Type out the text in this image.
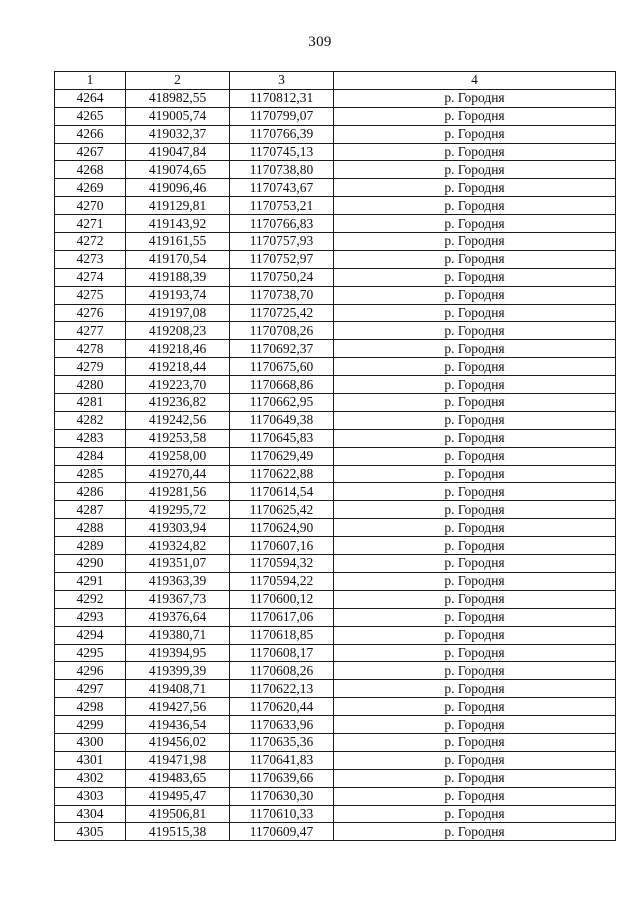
309
1	2	3	4
4264	418982,55	1170812,31	р. Городня
4265	419005,74	1170799,07	р. Городня
4266	419032,37	1170766,39	р. Городня
4267	419047,84	1170745,13	р. Городня
4268	419074,65	1170738,80	р. Городня
4269	419096,46	1170743,67	р. Городня
4270	419129,81	1170753,21	р. Городня
4271	419143,92	1170766,83	р. Городня
4272	419161,55	1170757,93	р. Городня
4273	419170,54	1170752,97	р. Городня
4274	419188,39	1170750,24	р. Городня
4275	419193,74	1170738,70	р. Городня
4276	419197,08	1170725,42	р. Городня
4277	419208,23	1170708,26	р. Городня
4278	419218,46	1170692,37	р. Городня
4279	419218,44	1170675,60	р. Городня
4280	419223,70	1170668,86	р. Городня
4281	419236,82	1170662,95	р. Городня
4282	419242,56	1170649,38	р. Городня
4283	419253,58	1170645,83	р. Городня
4284	419258,00	1170629,49	р. Городня
4285	419270,44	1170622,88	р. Городня
4286	419281,56	1170614,54	р. Городня
4287	419295,72	1170625,42	р. Городня
4288	419303,94	1170624,90	р. Городня
4289	419324,82	1170607,16	р. Городня
4290	419351,07	1170594,32	р. Городня
4291	419363,39	1170594,22	р. Городня
4292	419367,73	1170600,12	р. Городня
4293	419376,64	1170617,06	р. Городня
4294	419380,71	1170618,85	р. Городня
4295	419394,95	1170608,17	р. Городня
4296	419399,39	1170608,26	р. Городня
4297	419408,71	1170622,13	р. Городня
4298	419427,56	1170620,44	р. Городня
4299	419436,54	1170633,96	р. Городня
4300	419456,02	1170635,36	р. Городня
4301	419471,98	1170641,83	р. Городня
4302	419483,65	1170639,66	р. Городня
4303	419495,47	1170630,30	р. Городня
4304	419506,81	1170610,33	р. Городня
4305	419515,38	1170609,47	р. Городня
